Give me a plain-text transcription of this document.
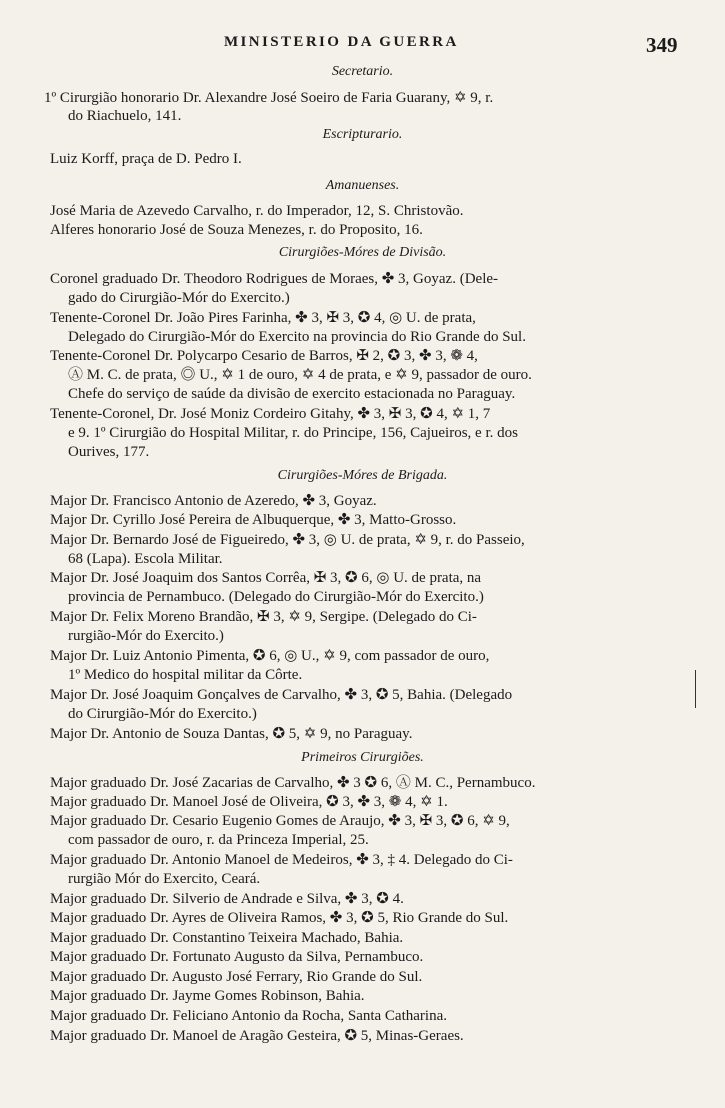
MINISTERIO DA GUERRA	349
Secretario.
1º Cirurgião honorario Dr. Alexandre José Soeiro de Faria Guarany, ✡ 9, r.
do Riachuelo, 141.
Escripturario.
Luiz Korff, praça de D. Pedro I.
Amanuenses.
José Maria de Azevedo Carvalho, r. do Imperador, 12, S. Christovão.
Alferes honorario José de Souza Menezes, r. do Proposito, 16.
Cirurgiões-Móres de Divisão.
Coronel graduado Dr. Theodoro Rodrigues de Moraes, ✤ 3, Goyaz. (Dele-
gado do Cirurgião-Mór do Exercito.)
Tenente-Coronel Dr. João Pires Farinha, ✤ 3, ✠ 3, ✪ 4, ◎ U. de prata,
Delegado do Cirurgião-Mór do Exercito na provincia do Rio Grande do Sul.
Tenente-Coronel Dr. Polycarpo Cesario de Barros, ✠ 2, ✪ 3, ✤ 3, ❁ 4,
Ⓐ M. C. de prata, ◎ U., ✡ 1 de ouro, ✡ 4 de prata, e ✡ 9, passador de ouro.
Chefe do serviço de saúde da divisão de exercito estacionada no Paraguay.
Tenente-Coronel, Dr. José Moniz Cordeiro Gitahy, ✤ 3, ✠ 3, ✪ 4, ✡ 1, 7
e 9. 1º Cirurgião do Hospital Militar, r. do Principe, 156, Cajueiros, e r. dos
Ourives, 177.
Cirurgiões-Móres de Brigada.
Major Dr. Francisco Antonio de Azeredo, ✤ 3, Goyaz.
Major Dr. Cyrillo José Pereira de Albuquerque, ✤ 3, Matto-Grosso.
Major Dr. Bernardo José de Figueiredo, ✤ 3, ◎ U. de prata, ✡ 9, r. do Passeio,
68 (Lapa). Escola Militar.
Major Dr. José Joaquim dos Santos Corrêa, ✠ 3, ✪ 6, ◎ U. de prata, na
provincia de Pernambuco. (Delegado do Cirurgião-Mór do Exercito.)
Major Dr. Felix Moreno Brandão, ✠ 3, ✡ 9, Sergipe. (Delegado do Ci-
rurgião-Mór do Exercito.)
Major Dr. Luiz Antonio Pimenta, ✪ 6, ◎ U., ✡ 9, com passador de ouro,
1º Medico do hospital militar da Côrte.
Major Dr. José Joaquim Gonçalves de Carvalho, ✤ 3, ✪ 5, Bahia. (Delegado
do Cirurgião-Mór do Exercito.)
Major Dr. Antonio de Souza Dantas, ✪ 5, ✡ 9, no Paraguay.
Primeiros Cirurgiões.
Major graduado Dr. José Zacarias de Carvalho, ✤ 3 ✪ 6, Ⓐ M. C., Pernambuco.
Major graduado Dr. Manoel José de Oliveira, ✪ 3, ✤ 3, ❁ 4, ✡ 1.
Major graduado Dr. Cesario Eugenio Gomes de Araujo, ✤ 3, ✠ 3, ✪ 6, ✡ 9,
com passador de ouro, r. da Princeza Imperial, 25.
Major graduado Dr. Antonio Manoel de Medeiros, ✤ 3, ‡ 4. Delegado do Ci-
rurgião Mór do Exercito, Ceará.
Major graduado Dr. Silverio de Andrade e Silva, ✤ 3, ✪ 4.
Major graduado Dr. Ayres de Oliveira Ramos, ✤ 3, ✪ 5, Rio Grande do Sul.
Major graduado Dr. Constantino Teixeira Machado, Bahia.
Major graduado Dr. Fortunato Augusto da Silva, Pernambuco.
Major graduado Dr. Augusto José Ferrary, Rio Grande do Sul.
Major graduado Dr. Jayme Gomes Robinson, Bahia.
Major graduado Dr. Feliciano Antonio da Rocha, Santa Catharina.
Major graduado Dr. Manoel de Aragão Gesteira, ✪ 5, Minas-Geraes.
